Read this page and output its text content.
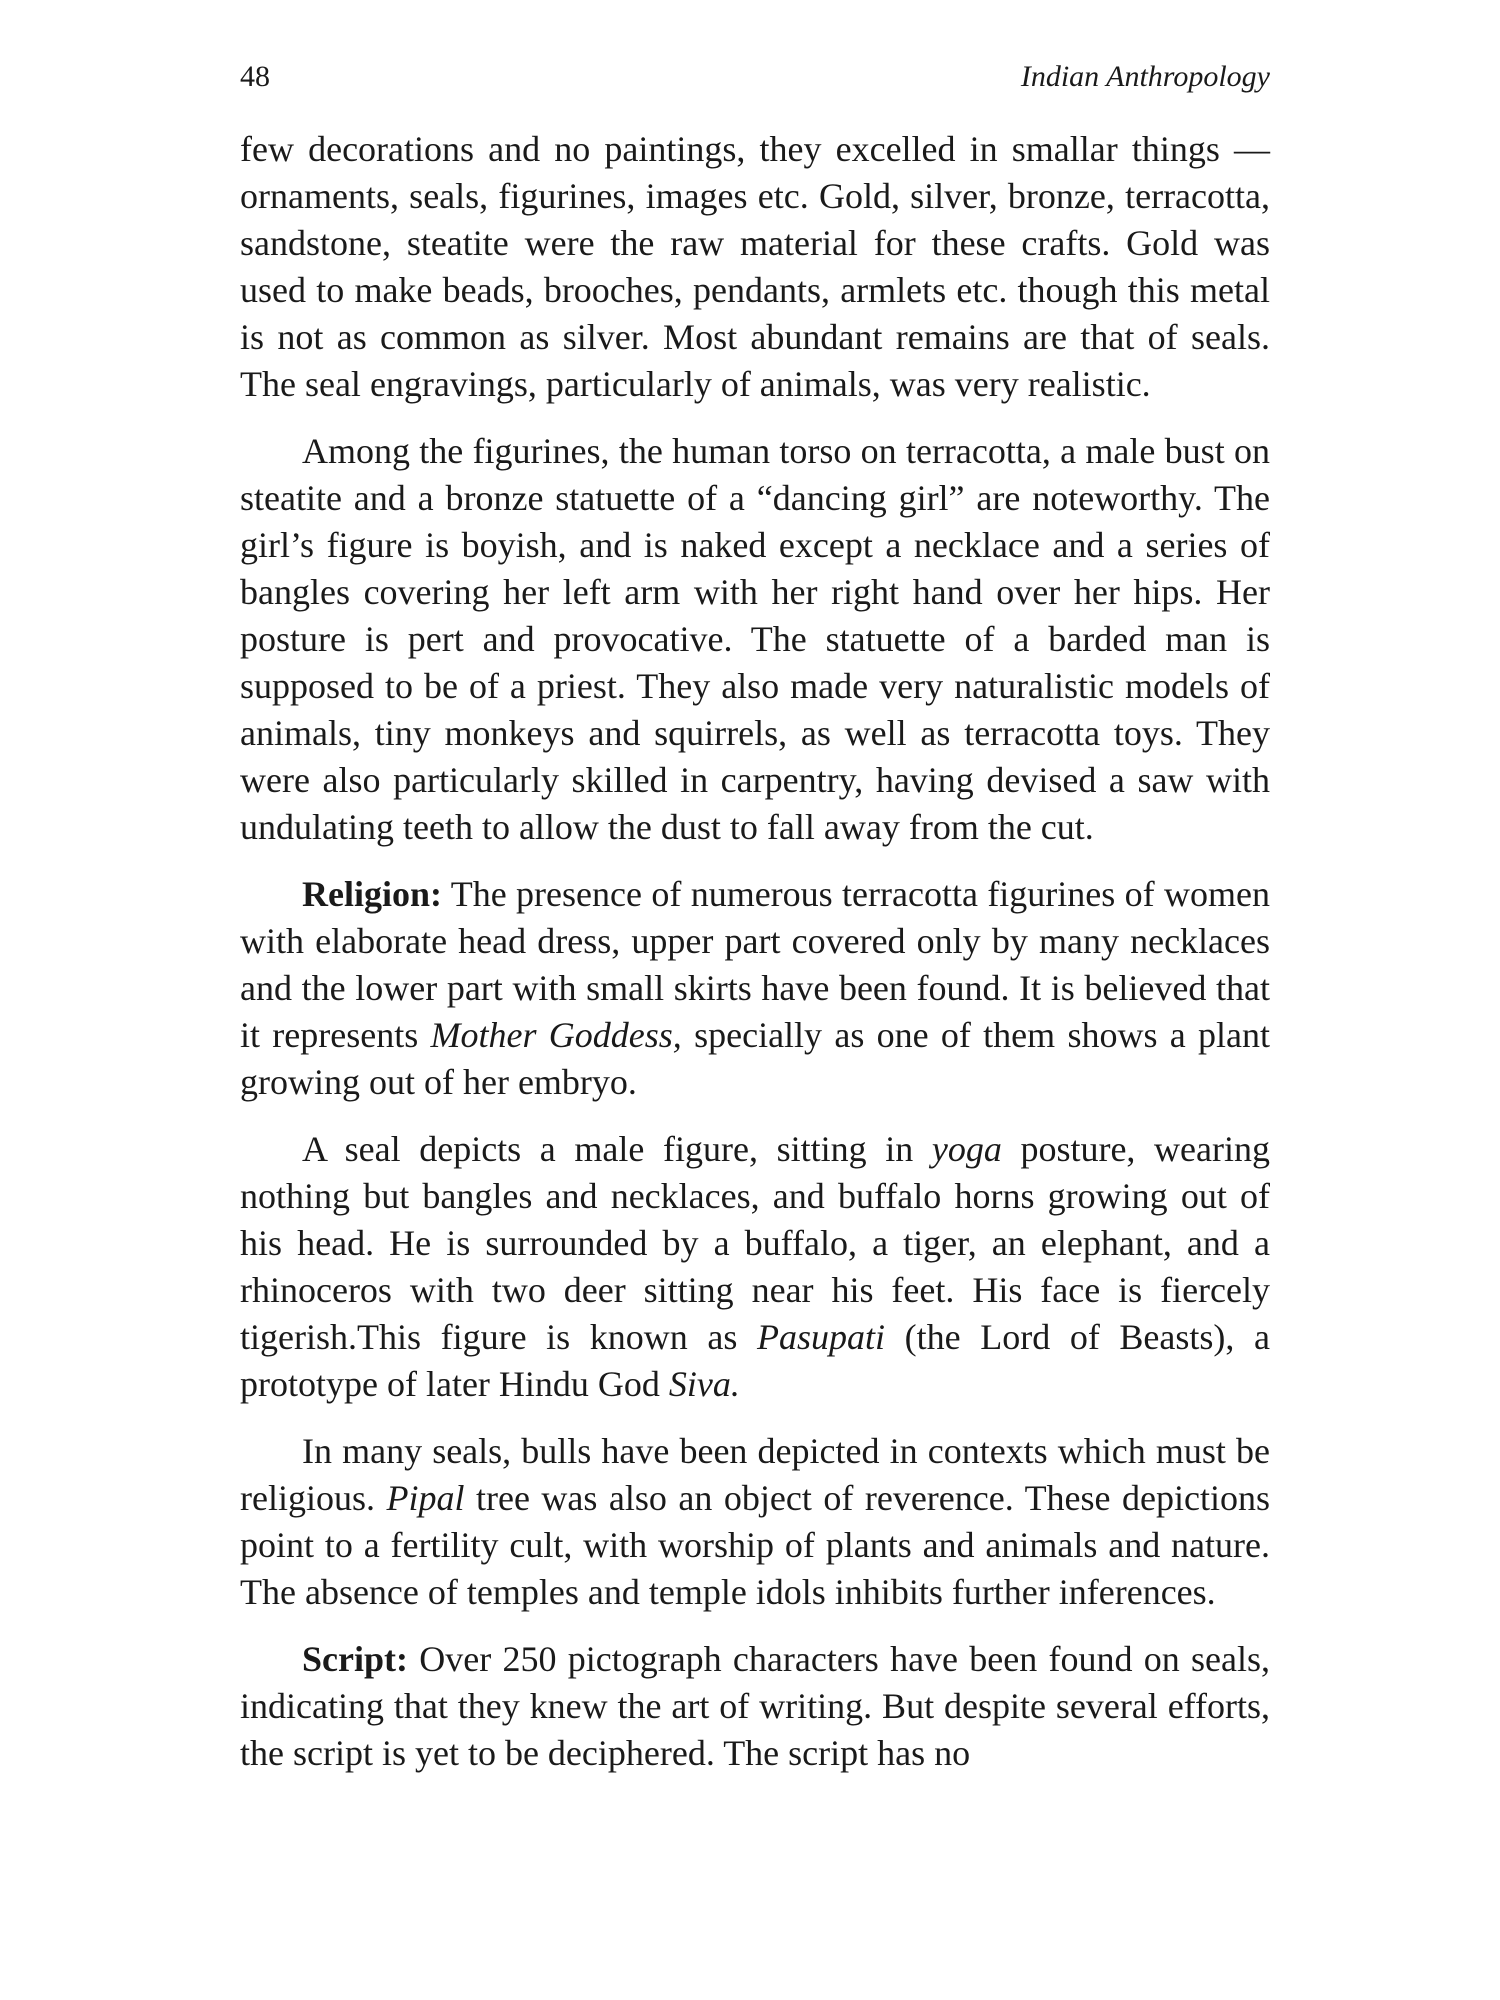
48	Indian Anthropology

few decorations and no paintings, they excelled in smallar things —ornaments, seals, figurines, images etc. Gold, silver, bronze, terracotta, sandstone, steatite were the raw material for these crafts. Gold was used to make beads, brooches, pendants, armlets etc. though this metal is not as common as silver. Most abundant remains are that of seals. The seal engravings, particularly of animals, was very realistic.

Among the figurines, the human torso on terracotta, a male bust on steatite and a bronze statuette of a “dancing girl” are noteworthy. The girl’s figure is boyish, and is naked except a necklace and a series of bangles covering her left arm with her right hand over her hips. Her posture is pert and provocative. The statuette of a barded man is supposed to be of a priest. They also made very naturalistic models of animals, tiny monkeys and squirrels, as well as terracotta toys. They were also particularly skilled in carpentry, having devised a saw with undulating teeth to allow the dust to fall away from the cut.

Religion: The presence of numerous terracotta figurines of women with elaborate head dress, upper part covered only by many necklaces and the lower part with small skirts have been found. It is believed that it represents Mother Goddess, specially as one of them shows a plant growing out of her embryo.

A seal depicts a male figure, sitting in yoga posture, wearing nothing but bangles and necklaces, and buffalo horns growing out of his head. He is surrounded by a buffalo, a tiger, an elephant, and a rhinoceros with two deer sitting near his feet. His face is fiercely tigerish.This figure is known as Pasupati (the Lord of Beasts), a prototype of later Hindu God Siva.

In many seals, bulls have been depicted in contexts which must be religious. Pipal tree was also an object of reverence. These depictions point to a fertility cult, with worship of plants and animals and nature. The absence of temples and temple idols inhibits further inferences.

Script: Over 250 pictograph characters have been found on seals, indicating that they knew the art of writing. But despite several efforts, the script is yet to be deciphered. The script has no
